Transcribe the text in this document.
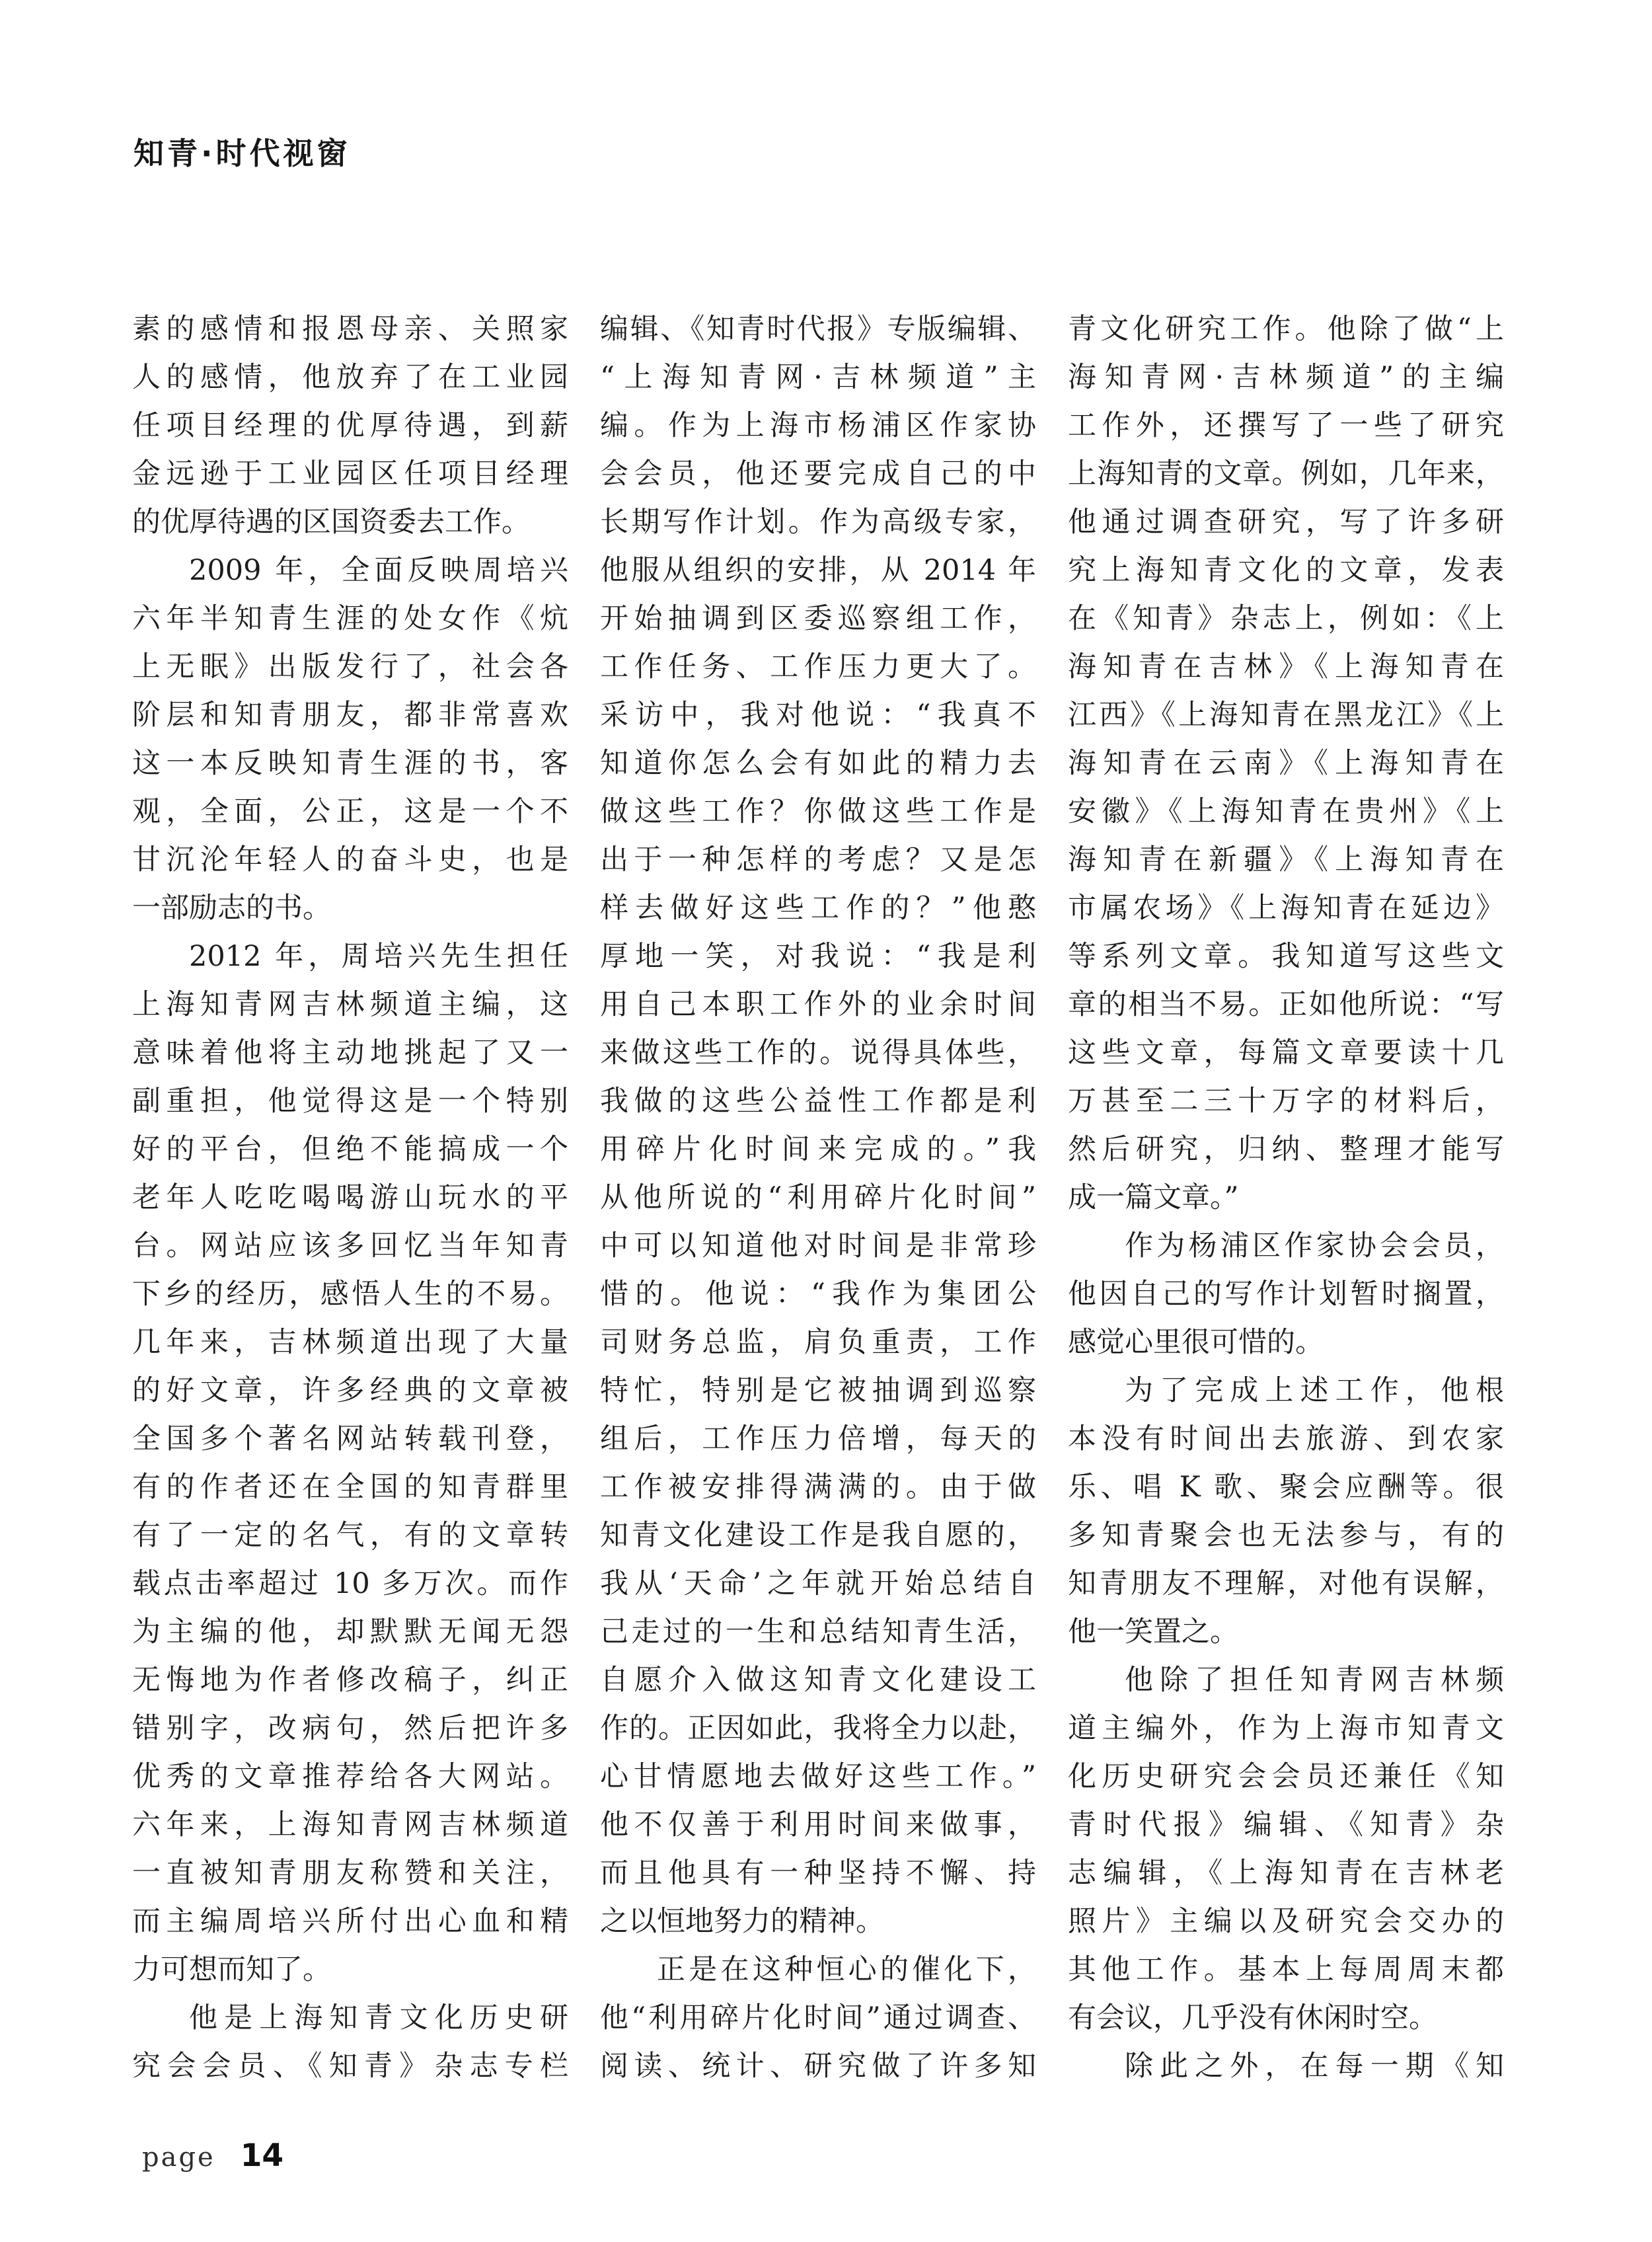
知青·时代视窗
素的感情和报恩母亲、关照家
人的感情，他放弃了在工业园
任项目经理的优厚待遇，到薪
金远逊于工业园区任项目经理
的优厚待遇的区国资委去工作。
2009 年，全面反映周培兴
六年半知青生涯的处女作《炕
上无眠》出版发行了，社会各
阶层和知青朋友，都非常喜欢
这一本反映知青生涯的书，客
观，全面，公正，这是一个不
甘沉沦年轻人的奋斗史，也是
一部励志的书。
2012 年，周培兴先生担任
上海知青网吉林频道主编，这
意味着他将主动地挑起了又一
副重担，他觉得这是一个特别
好的平台，但绝不能搞成一个
老年人吃吃喝喝游山玩水的平
台。网站应该多回忆当年知青
下乡的经历，感悟人生的不易。
几年来，吉林频道出现了大量
的好文章，许多经典的文章被
全国多个著名网站转载刊登，
有的作者还在全国的知青群里
有了一定的名气，有的文章转
载点击率超过 10 多万次。而作
为主编的他，却默默无闻无怨
无悔地为作者修改稿子，纠正
错别字，改病句，然后把许多
优秀的文章推荐给各大网站。
六年来，上海知青网吉林频道
一直被知青朋友称赞和关注，
而主编周培兴所付出心血和精
力可想而知了。
他是上海知青文化历史研
究会会员、《知青》杂志专栏
编辑、《知青时代报》专版编辑、
“上海知青网·吉林频道”主
编。作为上海市杨浦区作家协
会会员，他还要完成自己的中
长期写作计划。作为高级专家，
他服从组织的安排，从 2014 年
开始抽调到区委巡察组工作，
工作任务、工作压力更大了。
采访中，我对他说：“我真不
知道你怎么会有如此的精力去
做这些工作？你做这些工作是
出于一种怎样的考虑？又是怎
样去做好这些工作的？”他憨
厚地一笑，对我说：“我是利
用自己本职工作外的业余时间
来做这些工作的。说得具体些，
我做的这些公益性工作都是利
用碎片化时间来完成的。”我
从他所说的“利用碎片化时间”
中可以知道他对时间是非常珍
惜的。他说：“我作为集团公
司财务总监，肩负重责，工作
特忙，特别是它被抽调到巡察
组后，工作压力倍增，每天的
工作被安排得满满的。由于做
知青文化建设工作是我自愿的，
我从‘天命’之年就开始总结自
己走过的一生和总结知青生活，
自愿介入做这知青文化建设工
作的。正因如此，我将全力以赴，
心甘情愿地去做好这些工作。”
他不仅善于利用时间来做事，
而且他具有一种坚持不懈、持
之以恒地努力的精神。
正是在这种恒心的催化下，
他“利用碎片化时间”通过调查、
阅读、统计、研究做了许多知
青文化研究工作。他除了做“上
海知青网·吉林频道”的主编
工作外，还撰写了一些了研究
上海知青的文章。例如，几年来，
他通过调查研究，写了许多研
究上海知青文化的文章，发表
在《知青》杂志上，例如：《上
海知青在吉林》《上海知青在
江西》《上海知青在黑龙江》《上
海知青在云南》《上海知青在
安徽》《上海知青在贵州》《上
海知青在新疆》《上海知青在
市属农场》《上海知青在延边》
等系列文章。我知道写这些文
章的相当不易。正如他所说：“写
这些文章，每篇文章要读十几
万甚至二三十万字的材料后，
然后研究，归纳、整理才能写
成一篇文章。”
作为杨浦区作家协会会员，
他因自己的写作计划暂时搁置，
感觉心里很可惜的。
为了完成上述工作，他根
本没有时间出去旅游、到农家
乐、唱 K 歌、聚会应酬等。很
多知青聚会也无法参与，有的
知青朋友不理解，对他有误解，
他一笑置之。
他除了担任知青网吉林频
道主编外，作为上海市知青文
化历史研究会会员还兼任《知
青时代报》编辑、《知青》杂
志编辑，《上海知青在吉林老
照片》主编以及研究会交办的
其他工作。基本上每周周末都
有会议，几乎没有休闲时空。
除此之外，在每一期《知
page 14
